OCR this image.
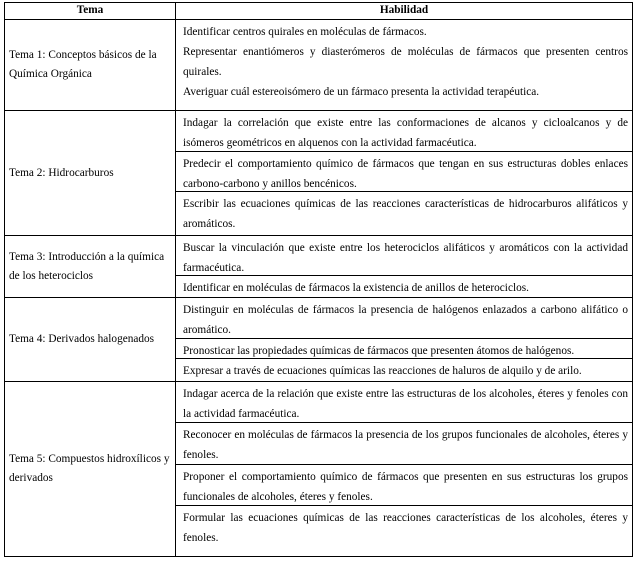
Tema	Habilidad
Tema 1: Conceptos básicos de la Química Orgánica
Identificar centros quirales en moléculas de fármacos.
Representar enantiómeros y diasterómeros de moléculas de fármacos que presenten centros quirales.
Averiguar cuál estereoisómero de un fármaco presenta la actividad terapéutica.
Tema 2: Hidrocarburos
Indagar la correlación que existe entre las conformaciones de alcanos y cicloalcanos y de isómeros geométricos en alquenos con la actividad farmacéutica.
Predecir el comportamiento químico de fármacos que tengan en sus estructuras dobles enlaces carbono-carbono y anillos bencénicos.
Escribir las ecuaciones químicas de las reacciones características de hidrocarburos alifáticos y aromáticos.
Tema 3: Introducción a la química de los heterociclos
Buscar la vinculación que existe entre los heterociclos alifáticos y aromáticos con la actividad farmacéutica.
Identificar en moléculas de fármacos la existencia de anillos de heterociclos.
Tema 4: Derivados halogenados
Distinguir en moléculas de fármacos la presencia de halógenos enlazados a carbono alifático o aromático.
Pronosticar las propiedades químicas de fármacos que presenten átomos de halógenos.
Expresar a través de ecuaciones químicas las reacciones de haluros de alquilo y de arilo.
Tema 5: Compuestos hidroxílicos y derivados
Indagar acerca de la relación que existe entre las estructuras de los alcoholes, éteres y fenoles con la actividad farmacéutica.
Reconocer en moléculas de fármacos la presencia de los grupos funcionales de alcoholes, éteres y fenoles.
Proponer el comportamiento químico de fármacos que presenten en sus estructuras los grupos funcionales de alcoholes, éteres y fenoles.
Formular las ecuaciones químicas de las reacciones características de los alcoholes, éteres y fenoles.
